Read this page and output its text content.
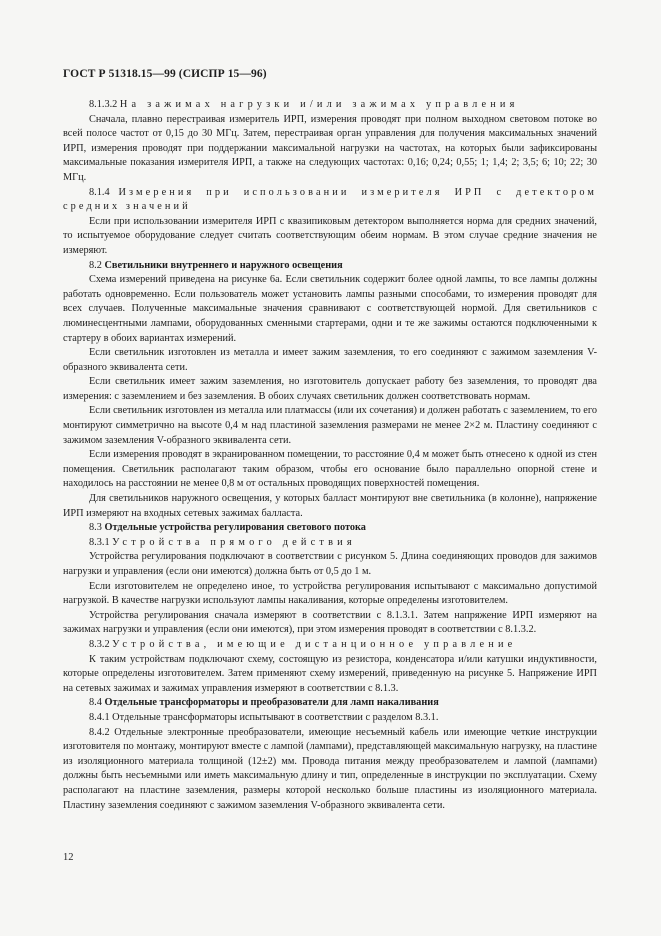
ГОСТ Р 51318.15—99 (СИСПР 15—96)

8.1.3.2 На зажимах нагрузки и/или зажимах управления

Сначала, плавно перестраивая измеритель ИРП, измерения проводят при полном выходном световом потоке во всей полосе частот от 0,15 до 30 МГц. Затем, перестраивая орган управления для получения максимальных значений ИРП, измерения проводят при поддержании максимальной нагрузки на частотах, на которых были зафиксированы максимальные показания измерителя ИРП, а также на следующих частотах: 0,16; 0,24; 0,55; 1; 1,4; 2; 3,5; 6; 10; 22; 30 МГц.

8.1.4 Измерения при использовании измерителя ИРП с детектором средних значений

Если при использовании измерителя ИРП с квазипиковым детектором выполняется норма для средних значений, то испытуемое оборудование следует считать соответствующим обеим нормам. В этом случае средние значения не измеряют.

8.2 Светильники внутреннего и наружного освещения

Схема измерений приведена на рисунке 6а. Если светильник содержит более одной лампы, то все лампы должны работать одновременно. Если пользователь может установить лампы разными способами, то измерения проводят для всех случаев. Полученные максимальные значения сравнивают с соответствующей нормой. Для светильников с люминесцентными лампами, оборудованных сменными стартерами, одни и те же зажимы остаются подключенными к стартеру в обоих вариантах измерений.

Если светильник изготовлен из металла и имеет зажим заземления, то его соединяют с зажимом заземления V-образного эквивалента сети.

Если светильник имеет зажим заземления, но изготовитель допускает работу без заземления, то проводят два измерения: с заземлением и без заземления. В обоих случаях светильник должен соответствовать нормам.

Если светильник изготовлен из металла или платмассы (или их сочетания) и должен работать с заземлением, то его монтируют симметрично на высоте 0,4 м над пластиной заземления размерами не менее 2×2 м. Пластину соединяют с зажимом заземления V-образного эквивалента сети.

Если измерения проводят в экранированном помещении, то расстояние 0,4 м может быть отнесено к одной из стен помещения. Светильник располагают таким образом, чтобы его основание было параллельно опорной стене и находилось на расстоянии не менее 0,8 м от остальных проводящих поверхностей помещения.

Для светильников наружного освещения, у которых балласт монтируют вне светильника (в колонне), напряжение ИРП измеряют на входных сетевых зажимах балласта.

8.3 Отдельные устройства регулирования светового потока

8.3.1 Устройства прямого действия

Устройства регулирования подключают в соответствии с рисунком 5. Длина соединяющих проводов для зажимов нагрузки и управления (если они имеются) должна быть от 0,5 до 1 м.

Если изготовителем не определено иное, то устройства регулирования испытывают с максимально допустимой нагрузкой. В качестве нагрузки используют лампы накаливания, которые определены изготовителем.

Устройства регулирования сначала измеряют в соответствии с 8.1.3.1. Затем напряжение ИРП измеряют на зажимах нагрузки и управления (если они имеются), при этом измерения проводят в соответствии с 8.1.3.2.

8.3.2 Устройства, имеющие дистанционное управление

К таким устройствам подключают схему, состоящую из резистора, конденсатора и/или катушки индуктивности, которые определены изготовителем. Затем применяют схему измерений, приведенную на рисунке 5. Напряжение ИРП на сетевых зажимах и зажимах управления измеряют в соответствии с 8.1.3.

8.4 Отдельные трансформаторы и преобразователи для ламп накаливания

8.4.1 Отдельные трансформаторы испытывают в соответствии с разделом 8.3.1.

8.4.2 Отдельные электронные преобразователи, имеющие несъемный кабель или имеющие четкие инструкции изготовителя по монтажу, монтируют вместе с лампой (лампами), представляющей максимальную нагрузку, на пластине из изоляционного материала толщиной (12±2) мм. Провода питания между преобразователем и лампой (лампами) должны быть несъемными или иметь максимальную длину и тип, определенные в инструкции по эксплуатации. Схему располагают на пластине заземления, размеры которой несколько больше пластины из изоляционного материала. Пластину заземления соединяют с зажимом заземления V-образного эквивалента сети.

12
